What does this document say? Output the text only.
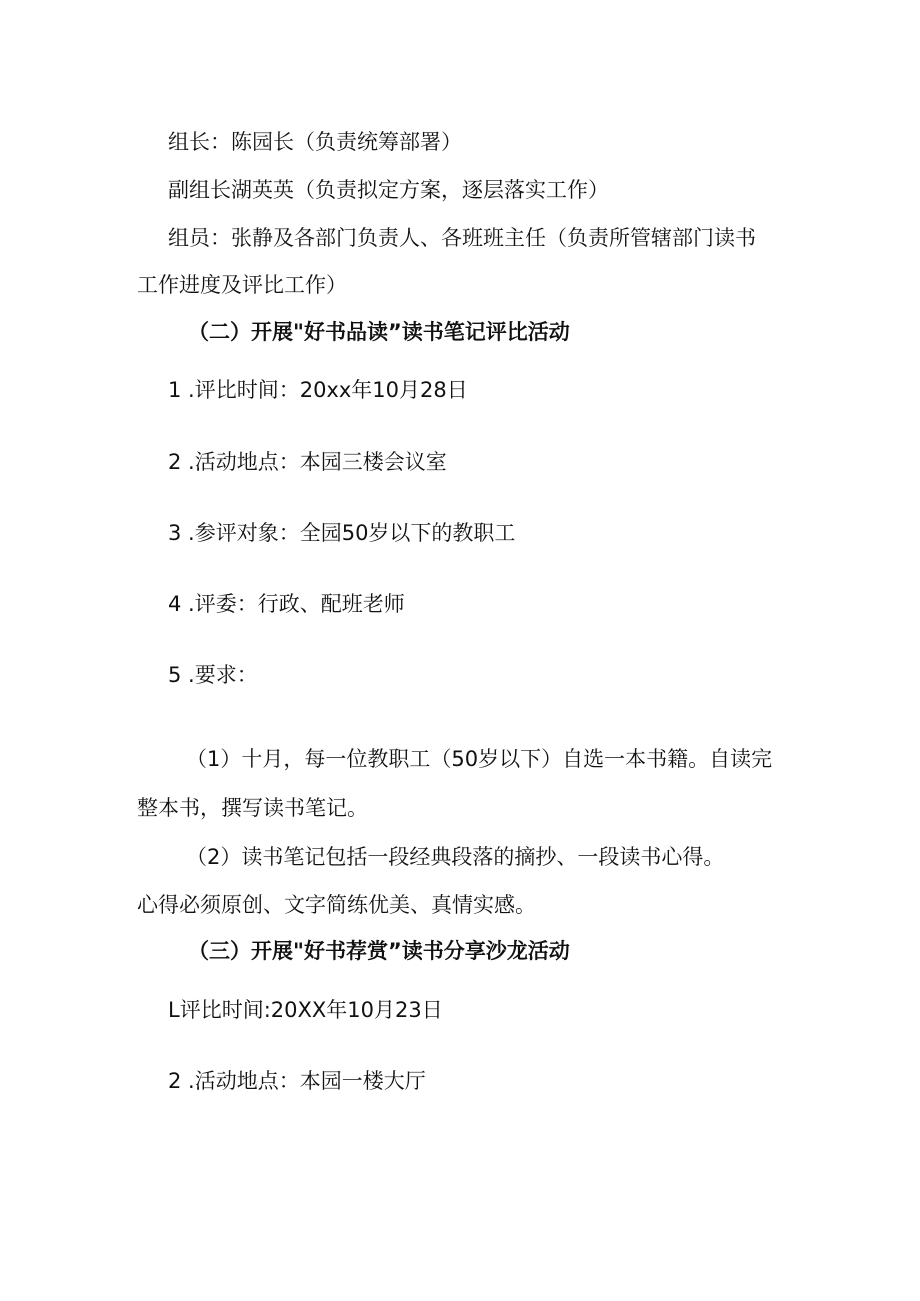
组长：陈园长（负责统筹部署）
副组长湖英英（负责拟定方案，逐层落实工作）
组员：张静及各部门负责人、各班班主任（负责所管辖部门读书
工作进度及评比工作）
（二）开展"好书品读”读书笔记评比活动
1 .评比时间：20xx年10月28日
2 .活动地点：本园三楼会议室
3 .参评对象：全园50岁以下的教职工
4 .评委：行政、配班老师
5 .要求：
（1）十月，每一位教职工（50岁以下）自选一本书籍。自读完
整本书，撰写读书笔记。
（2）读书笔记包括一段经典段落的摘抄、一段读书心得。
心得必须原创、文字简练优美、真情实感。
（三）开展"好书荐赏”读书分享沙龙活动
L评比时间:20XX年10月23日
2 .活动地点：本园一楼大厅
